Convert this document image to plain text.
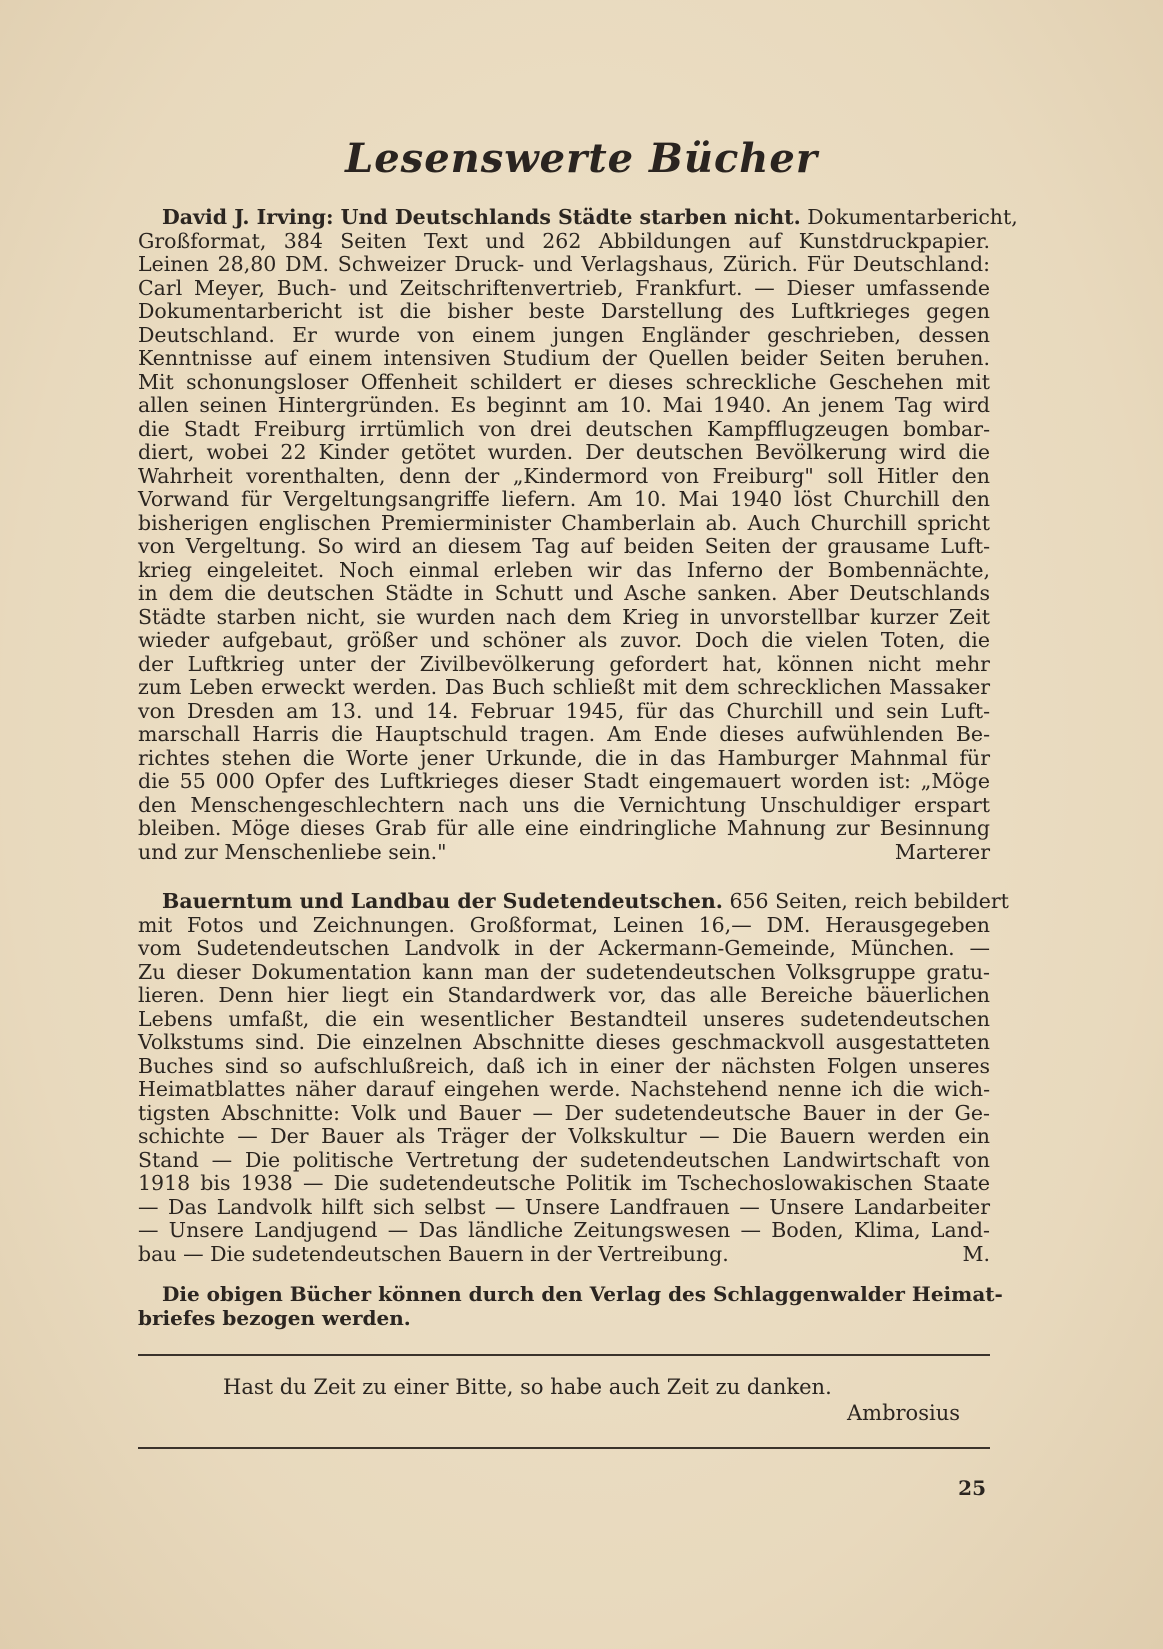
Lesenswerte Bücher
David J. Irving: Und Deutschlands Städte starben nicht. Dokumentarbericht,
Großformat, 384 Seiten Text und 262 Abbildungen auf Kunstdruckpapier.
Leinen 28,80 DM. Schweizer Druck- und Verlagshaus, Zürich. Für Deutschland:
Carl Meyer, Buch- und Zeitschriftenvertrieb, Frankfurt. — Dieser umfassende
Dokumentarbericht ist die bisher beste Darstellung des Luftkrieges gegen
Deutschland. Er wurde von einem jungen Engländer geschrieben, dessen
Kenntnisse auf einem intensiven Studium der Quellen beider Seiten beruhen.
Mit schonungsloser Offenheit schildert er dieses schreckliche Geschehen mit
allen seinen Hintergründen. Es beginnt am 10. Mai 1940. An jenem Tag wird
die Stadt Freiburg irrtümlich von drei deutschen Kampfflugzeugen bombar-
diert, wobei 22 Kinder getötet wurden. Der deutschen Bevölkerung wird die
Wahrheit vorenthalten, denn der „Kindermord von Freiburg" soll Hitler den
Vorwand für Vergeltungsangriffe liefern. Am 10. Mai 1940 löst Churchill den
bisherigen englischen Premierminister Chamberlain ab. Auch Churchill spricht
von Vergeltung. So wird an diesem Tag auf beiden Seiten der grausame Luft-
krieg eingeleitet. Noch einmal erleben wir das Inferno der Bombennächte,
in dem die deutschen Städte in Schutt und Asche sanken. Aber Deutschlands
Städte starben nicht, sie wurden nach dem Krieg in unvorstellbar kurzer Zeit
wieder aufgebaut, größer und schöner als zuvor. Doch die vielen Toten, die
der Luftkrieg unter der Zivilbevölkerung gefordert hat, können nicht mehr
zum Leben erweckt werden. Das Buch schließt mit dem schrecklichen Massaker
von Dresden am 13. und 14. Februar 1945, für das Churchill und sein Luft-
marschall Harris die Hauptschuld tragen. Am Ende dieses aufwühlenden Be-
richtes stehen die Worte jener Urkunde, die in das Hamburger Mahnmal für
die 55 000 Opfer des Luftkrieges dieser Stadt eingemauert worden ist: „Möge
den Menschengeschlechtern nach uns die Vernichtung Unschuldiger erspart
bleiben. Möge dieses Grab für alle eine eindringliche Mahnung zur Besinnung
und zur Menschenliebe sein."	Marterer
Bauerntum und Landbau der Sudetendeutschen. 656 Seiten, reich bebildert
mit Fotos und Zeichnungen. Großformat, Leinen 16,— DM. Herausgegeben
vom Sudetendeutschen Landvolk in der Ackermann-Gemeinde, München. —
Zu dieser Dokumentation kann man der sudetendeutschen Volksgruppe gratu-
lieren. Denn hier liegt ein Standardwerk vor, das alle Bereiche bäuerlichen
Lebens umfaßt, die ein wesentlicher Bestandteil unseres sudetendeutschen
Volkstums sind. Die einzelnen Abschnitte dieses geschmackvoll ausgestatteten
Buches sind so aufschlußreich, daß ich in einer der nächsten Folgen unseres
Heimatblattes näher darauf eingehen werde. Nachstehend nenne ich die wich-
tigsten Abschnitte: Volk und Bauer — Der sudetendeutsche Bauer in der Ge-
schichte — Der Bauer als Träger der Volkskultur — Die Bauern werden ein
Stand — Die politische Vertretung der sudetendeutschen Landwirtschaft von
1918 bis 1938 — Die sudetendeutsche Politik im Tschechoslowakischen Staate
— Das Landvolk hilft sich selbst — Unsere Landfrauen — Unsere Landarbeiter
— Unsere Landjugend — Das ländliche Zeitungswesen — Boden, Klima, Land-
bau — Die sudetendeutschen Bauern in der Vertreibung.	M.
Die obigen Bücher können durch den Verlag des Schlaggenwalder Heimat-
briefes bezogen werden.
Hast du Zeit zu einer Bitte, so habe auch Zeit zu danken.
Ambrosius
25
